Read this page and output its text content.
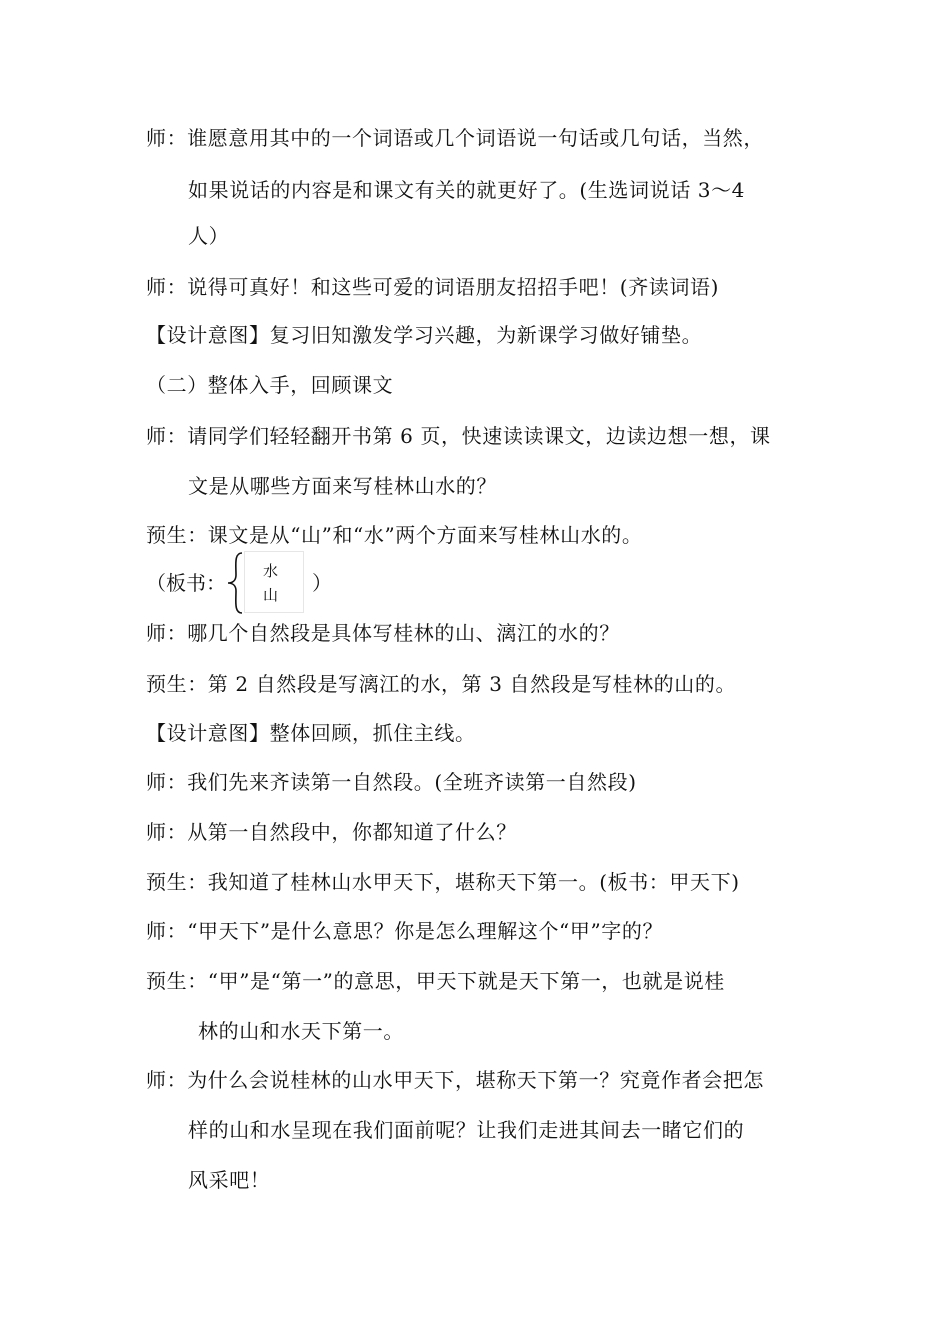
师：谁愿意用其中的一个词语或几个词语说一句话或几句话，当然，
如果说话的内容是和课文有关的就更好了。(生选词说话 3～4
人）
师：说得可真好！和这些可爱的词语朋友招招手吧！(齐读词语)
【设计意图】复习旧知激发学习兴趣，为新课学习做好铺垫。
（二）整体入手，回顾课文
师：请同学们轻轻翻开书第 6 页，快速读读课文，边读边想一想，课
文是从哪些方面来写桂林山水的？
预生：课文是从“山”和“水”两个方面来写桂林山水的。
（板书： 水
山 ）
师：哪几个自然段是具体写桂林的山、漓江的水的？
预生：第 2 自然段是写漓江的水，第 3 自然段是写桂林的山的。
【设计意图】整体回顾，抓住主线。
师：我们先来齐读第一自然段。(全班齐读第一自然段)
师：从第一自然段中，你都知道了什么？
预生：我知道了桂林山水甲天下，堪称天下第一。(板书：甲天下)
师：“甲天下”是什么意思？你是怎么理解这个“甲”字的？
预生：“甲”是“第一”的意思，甲天下就是天下第一，也就是说桂
林的山和水天下第一。
师：为什么会说桂林的山水甲天下，堪称天下第一？究竟作者会把怎
样的山和水呈现在我们面前呢？让我们走进其间去一睹它们的
风采吧！
